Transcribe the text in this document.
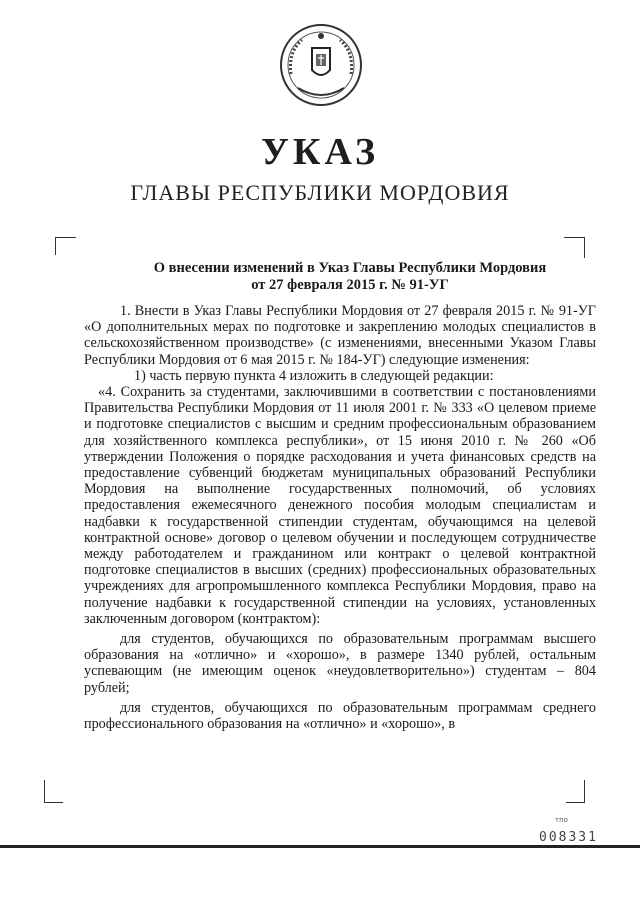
УКАЗ
ГЛАВЫ РЕСПУБЛИКИ МОРДОВИЯ
О внесении изменений в Указ Главы Республики Мордовия
от 27 февраля 2015 г. № 91-УГ

1. Внести в Указ Главы Республики Мордовия от 27 февраля 2015 г. № 91-УГ «О дополнительных мерах по подготовке и закреплению молодых специалистов в сельскохозяйственном производстве» (с изменениями, внесенными Указом Главы Республики Мордовия от 6 мая 2015 г. № 184-УГ) следующие изменения:

1) часть первую пункта 4 изложить в следующей редакции:

«4. Сохранить за студентами, заключившими в соответствии с постановлениями Правительства Республики Мордовия от 11 июля 2001 г. № 333 «О целевом приеме и подготовке специалистов с высшим и средним профессиональным образованием для хозяйственного комплекса республики», от 15 июня 2010 г. № 260 «Об утверждении Положения о порядке расходования и учета финансовых средств на предоставление субвенций бюджетам муниципальных образований Республики Мордовия на выполнение государственных полномочий, об условиях предоставления ежемесячного денежного пособия молодым специалистам и надбавки к государственной стипендии студентам, обучающимся на целевой контрактной основе» договор о целевом обучении и последующем сотрудничестве между работодателем и гражданином или контракт о целевой контрактной подготовке специалистов в высших (средних) профессиональных образовательных учреждениях для агропромышленного комплекса Республики Мордовия, право на получение надбавки к государственной стипендии на условиях, установленных заключенным договором (контрактом):

для студентов, обучающихся по образовательным программам высшего образования на «отлично» и «хорошо», в размере 1340 рублей, остальным успевающим (не имеющим оценок «неудовлетворительно») студентам – 804 рублей;

для студентов, обучающихся по образовательным программам среднего профессионального образования на «отлично» и «хорошо», в

тпо
008331
